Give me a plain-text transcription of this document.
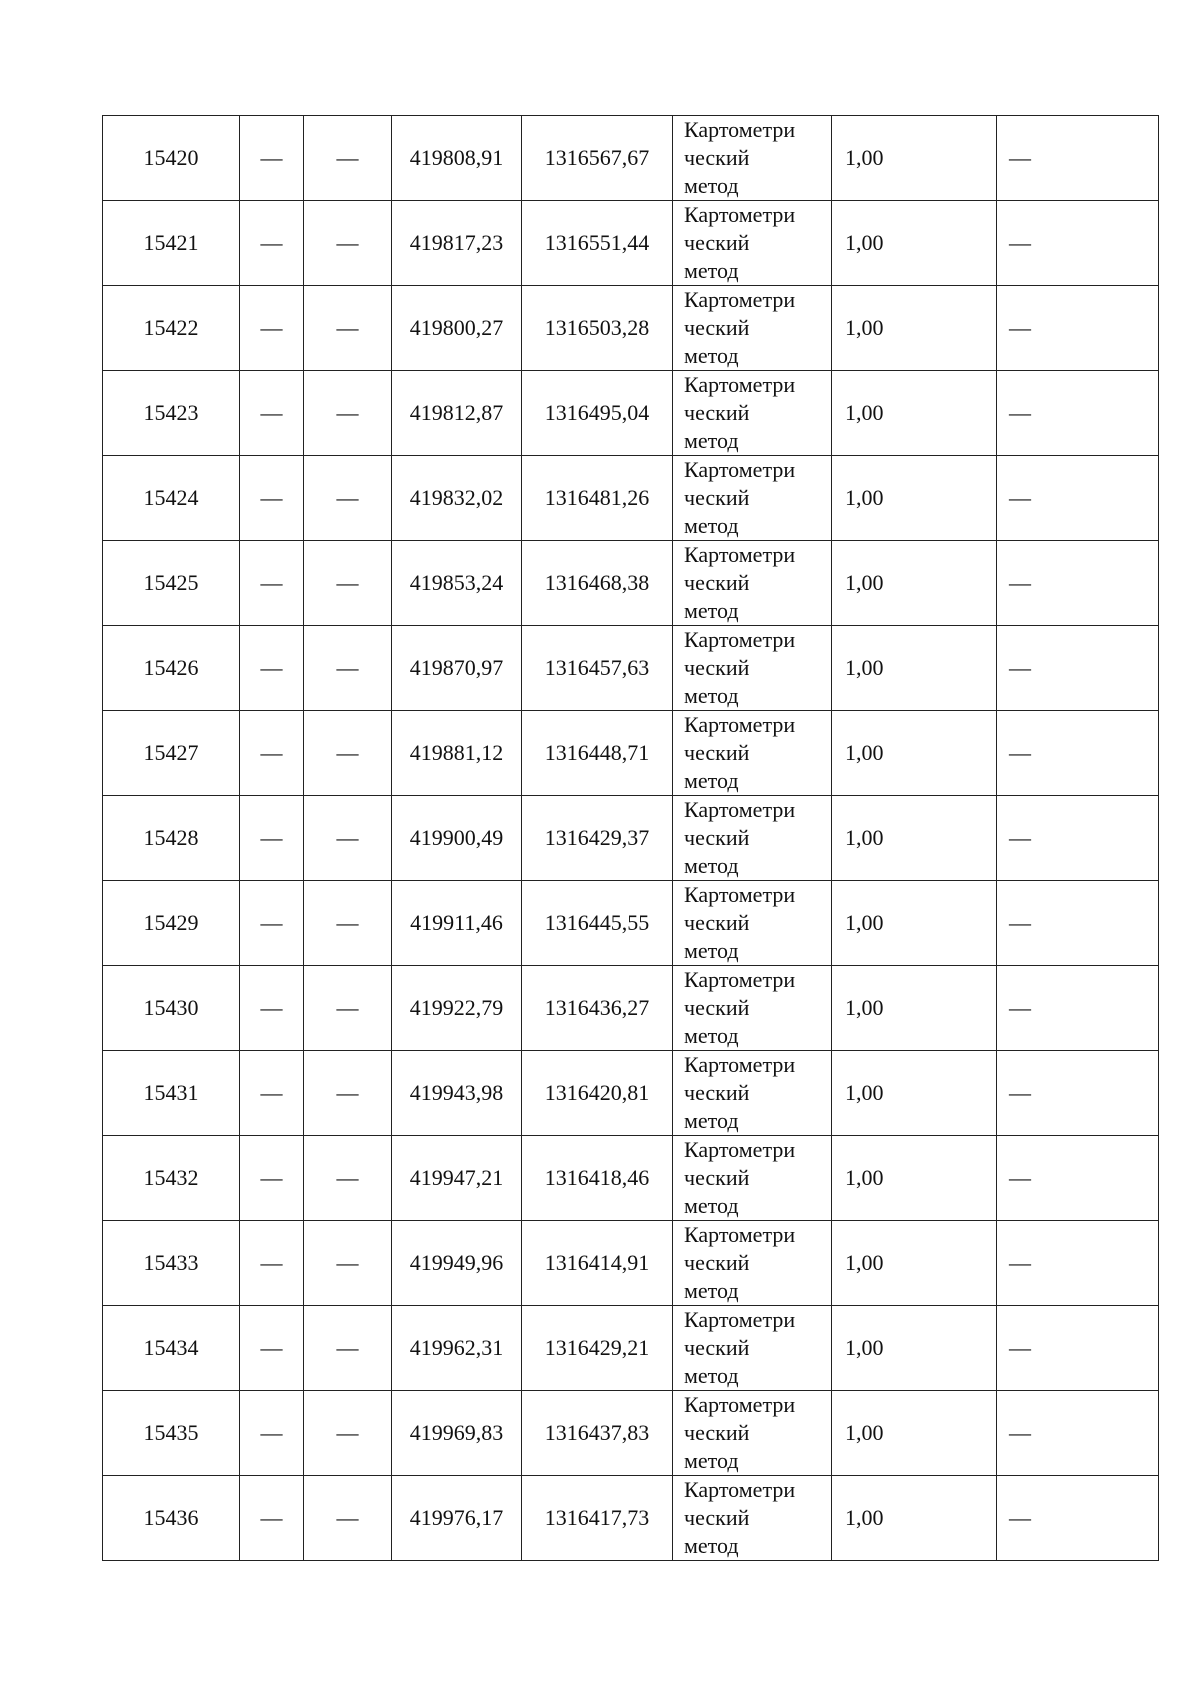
15420	—	—	419808,91	1316567,67	Картометри
ческий
метод	1,00	—
15421	—	—	419817,23	1316551,44	Картометри
ческий
метод	1,00	—
15422	—	—	419800,27	1316503,28	Картометри
ческий
метод	1,00	—
15423	—	—	419812,87	1316495,04	Картометри
ческий
метод	1,00	—
15424	—	—	419832,02	1316481,26	Картометри
ческий
метод	1,00	—
15425	—	—	419853,24	1316468,38	Картометри
ческий
метод	1,00	—
15426	—	—	419870,97	1316457,63	Картометри
ческий
метод	1,00	—
15427	—	—	419881,12	1316448,71	Картометри
ческий
метод	1,00	—
15428	—	—	419900,49	1316429,37	Картометри
ческий
метод	1,00	—
15429	—	—	419911,46	1316445,55	Картометри
ческий
метод	1,00	—
15430	—	—	419922,79	1316436,27	Картометри
ческий
метод	1,00	—
15431	—	—	419943,98	1316420,81	Картометри
ческий
метод	1,00	—
15432	—	—	419947,21	1316418,46	Картометри
ческий
метод	1,00	—
15433	—	—	419949,96	1316414,91	Картометри
ческий
метод	1,00	—
15434	—	—	419962,31	1316429,21	Картометри
ческий
метод	1,00	—
15435	—	—	419969,83	1316437,83	Картометри
ческий
метод	1,00	—
15436	—	—	419976,17	1316417,73	Картометри
ческий
метод	1,00	—
